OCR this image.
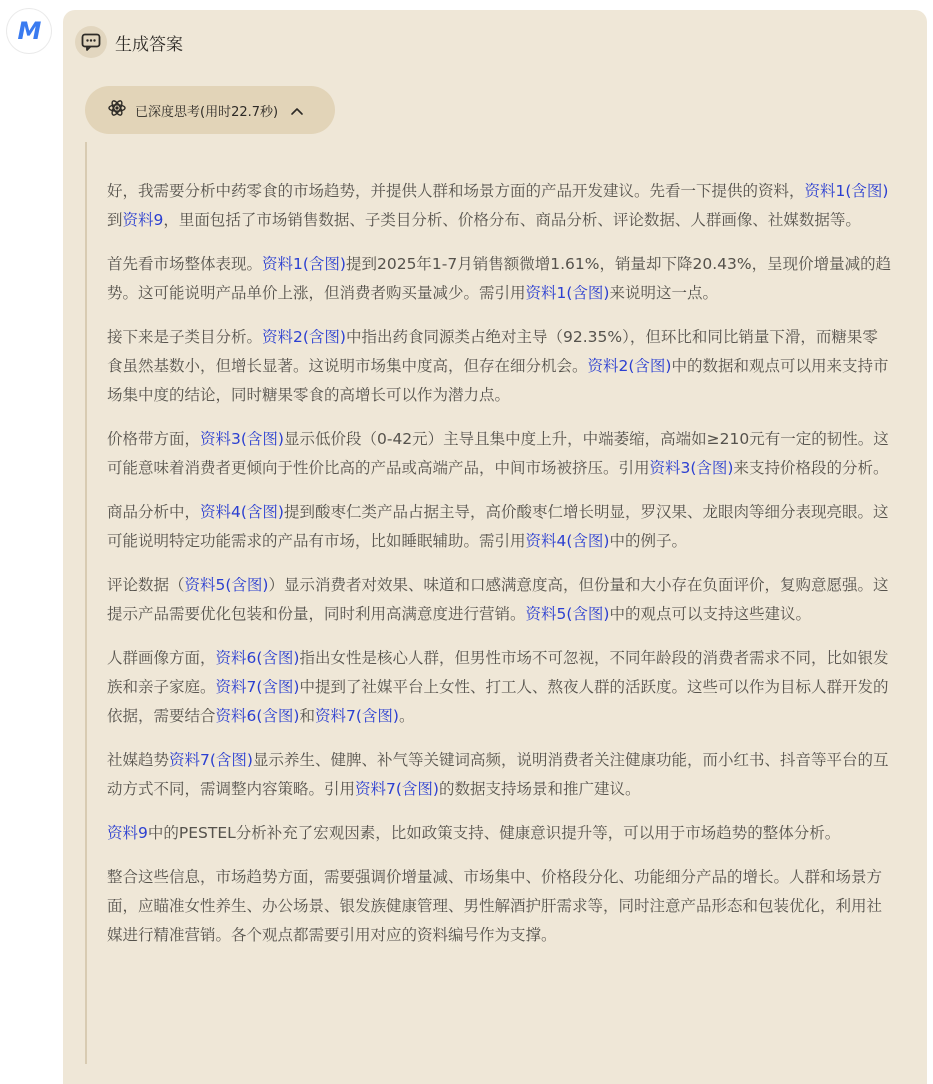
M	生成答案
已深度思考(用时22.7秒)

好，我需要分析中药零食的市场趋势，并提供人群和场景方面的产品开发建议。先看一下提供的资料，资料1(含图)到资料9，里面包括了市场销售数据、子类目分析、价格分布、商品分析、评论数据、人群画像、社媒数据等。

首先看市场整体表现。资料1(含图)提到2025年1-7月销售额微增1.61%，销量却下降20.43%，呈现价增量减的趋势。这可能说明产品单价上涨，但消费者购买量减少。需引用资料1(含图)来说明这一点。

接下来是子类目分析。资料2(含图)中指出药食同源类占绝对主导（92.35%），但环比和同比销量下滑，而糖果零食虽然基数小，但增长显著。这说明市场集中度高，但存在细分机会。资料2(含图)中的数据和观点可以用来支持市场集中度的结论，同时糖果零食的高增长可以作为潜力点。

价格带方面，资料3(含图)显示低价段（0-42元）主导且集中度上升，中端萎缩，高端如≥210元有一定的韧性。这可能意味着消费者更倾向于性价比高的产品或高端产品，中间市场被挤压。引用资料3(含图)来支持价格段的分析。

商品分析中，资料4(含图)提到酸枣仁类产品占据主导，高价酸枣仁增长明显，罗汉果、龙眼肉等细分表现亮眼。这可能说明特定功能需求的产品有市场，比如睡眠辅助。需引用资料4(含图)中的例子。

评论数据（资料5(含图)）显示消费者对效果、味道和口感满意度高，但份量和大小存在负面评价，复购意愿强。这提示产品需要优化包装和份量，同时利用高满意度进行营销。资料5(含图)中的观点可以支持这些建议。

人群画像方面，资料6(含图)指出女性是核心人群，但男性市场不可忽视，不同年龄段的消费者需求不同，比如银发族和亲子家庭。资料7(含图)中提到了社媒平台上女性、打工人、熬夜人群的活跃度。这些可以作为目标人群开发的依据，需要结合资料6(含图)和资料7(含图)。

社媒趋势资料7(含图)显示养生、健脾、补气等关键词高频，说明消费者关注健康功能，而小红书、抖音等平台的互动方式不同，需调整内容策略。引用资料7(含图)的数据支持场景和推广建议。

资料9中的PESTEL分析补充了宏观因素，比如政策支持、健康意识提升等，可以用于市场趋势的整体分析。

整合这些信息，市场趋势方面，需要强调价增量减、市场集中、价格段分化、功能细分产品的增长。人群和场景方面，应瞄准女性养生、办公场景、银发族健康管理、男性解酒护肝需求等，同时注意产品形态和包装优化，利用社媒进行精准营销。各个观点都需要引用对应的资料编号作为支撑。
